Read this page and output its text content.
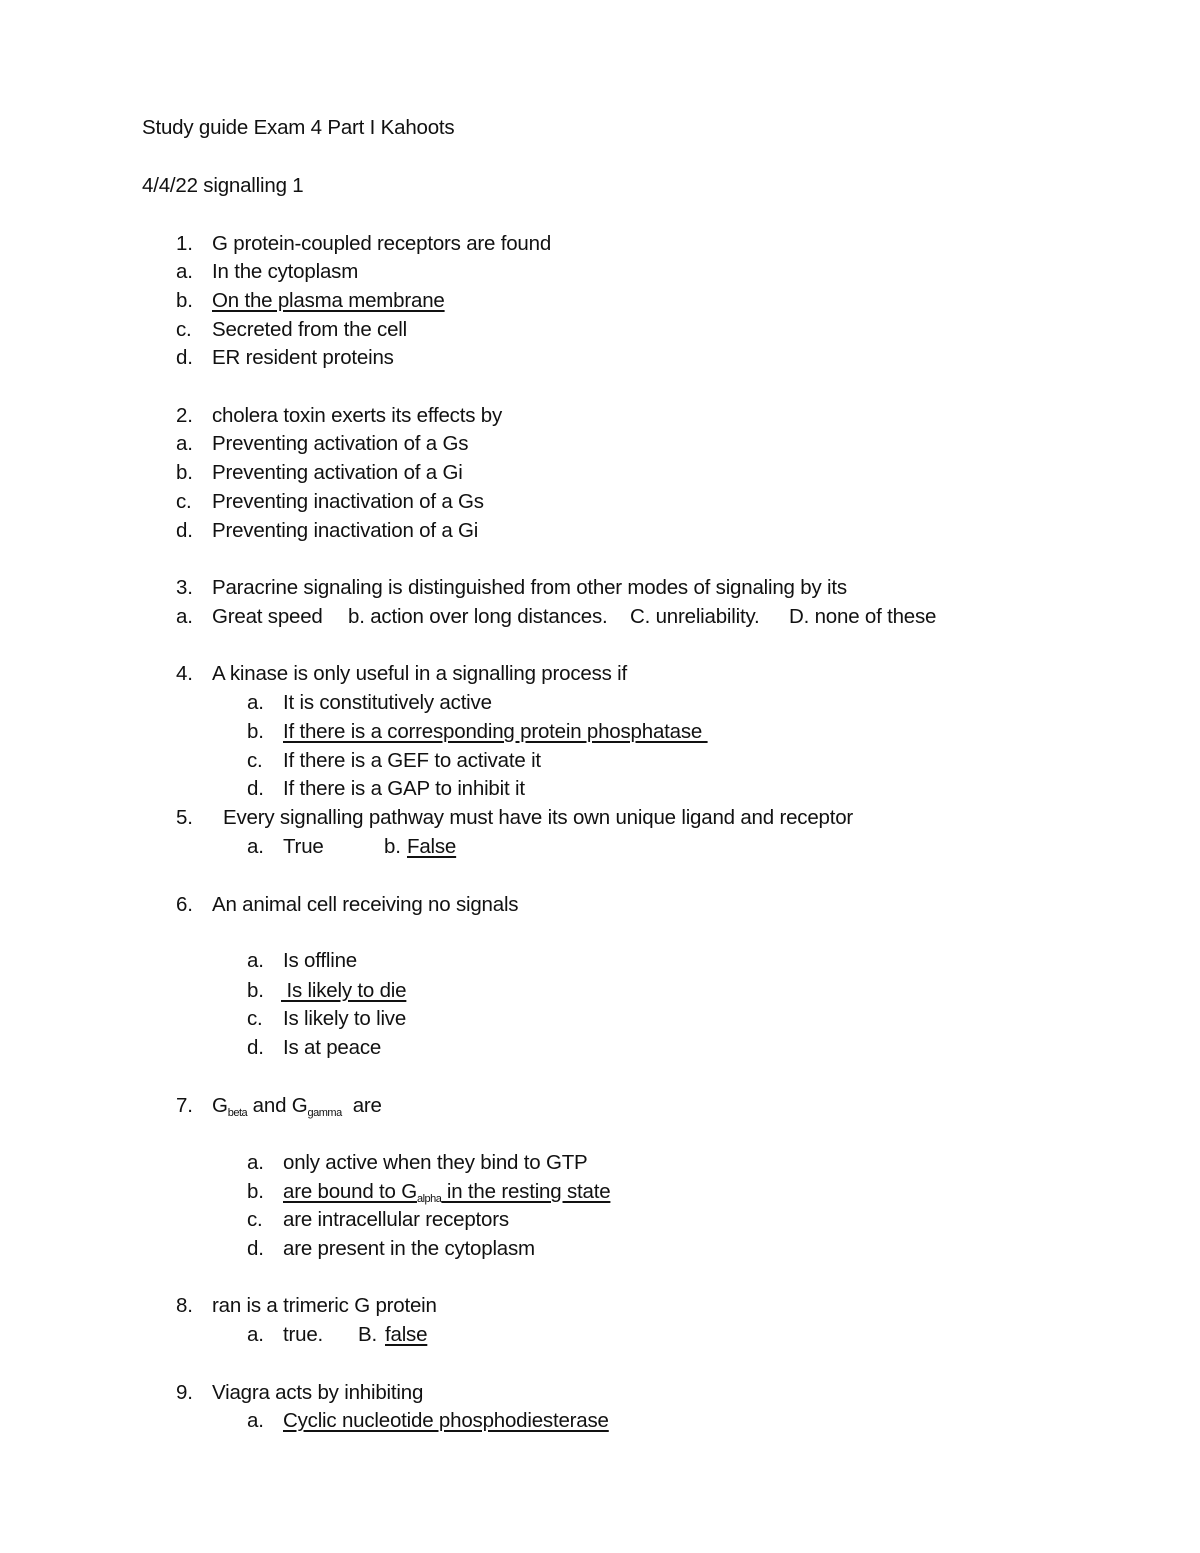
Study guide Exam 4 Part I Kahoots
4/4/22 signalling 1
1. G protein-coupled receptors are found
a. In the cytoplasm
b. On the plasma membrane
c. Secreted from the cell
d. ER resident proteins
2. cholera toxin exerts its effects by
a. Preventing activation of a Gs
b. Preventing activation of a Gi
c. Preventing inactivation of a Gs
d. Preventing inactivation of a Gi
3. Paracrine signaling is distinguished from other modes of signaling by its
a. Great speed b. action over long distances. C. unreliability. D. none of these
4. A kinase is only useful in a signalling process if
a. It is constitutively active
b. If there is a corresponding protein phosphatase
c. If there is a GEF to activate it
d. If there is a GAP to inhibit it
5. Every signalling pathway must have its own unique ligand and receptor
a. True	b. False
6. An animal cell receiving no signals
a. Is offline
b. Is likely to die
c. Is likely to live
d. Is at peace
7. $G_{beta}$ and $G_{gamma}$  are
a. only active when they bind to GTP
b. are bound to $G_{alpha}$ in the resting state
c. are intracellular receptors
d. are present in the cytoplasm
8. ran is a trimeric G protein
a. true. B. false
9. Viagra acts by inhibiting
a. Cyclic nucleotide phosphodiesterase
